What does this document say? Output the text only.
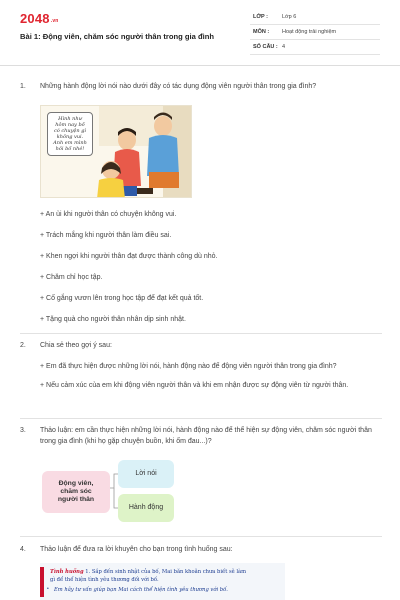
$2048^{.vn}$
Bài 1: Động viên, chăm sóc người thân trong gia đình
LỚP :	Lớp 6
MÔN : Hoạt động trải nghiệm
SỐ CÂU : 4
1. Những hành động lời nói nào dưới đây có tác dụng động viên người thân trong gia đình?
Hình như
hôm nay bố
có chuyện gì
không vui.
Anh em mình
hỏi bố nhé!
+ An ủi khi người thân có chuyện không vui.
+ Trách mắng khi người thân làm điều sai.
+ Khen ngợi khi người thân đạt được thành công dù nhỏ.
+ Chăm chỉ học tập.
+ Cố gắng vươn lên trong học tập để đạt kết quả tốt.
+ Tặng quà cho người thân nhân dịp sinh nhật.
2. Chia sẻ theo gợi ý sau:
+ Em đã thực hiện được những lời nói, hành động nào để động viên người thân trong gia đình?
+ Nếu cảm xúc của em khi động viên người thân và khi em nhận được sự động viên từ người thân.
3. Thảo luận: em cần thực hiện những lời nói, hành động nào để thể hiện sự động viên, chăm sóc người thân trong gia đình (khi họ gặp chuyện buồn, khi ốm đau...)?
Động viên,
chăm sóc
người thân
Lời nói
Hành động
4. Thảo luận để đưa ra lời khuyên cho bạn trong tình huống sau:
Tình huống 1. Sắp đến sinh nhật của bố, Mai băn khoăn chưa biết sẽ làm
gì để thể hiện tình yêu thương đối với bố.
• Em hãy tư vấn giúp bạn Mai cách thể hiện tình yêu thương với bố.
